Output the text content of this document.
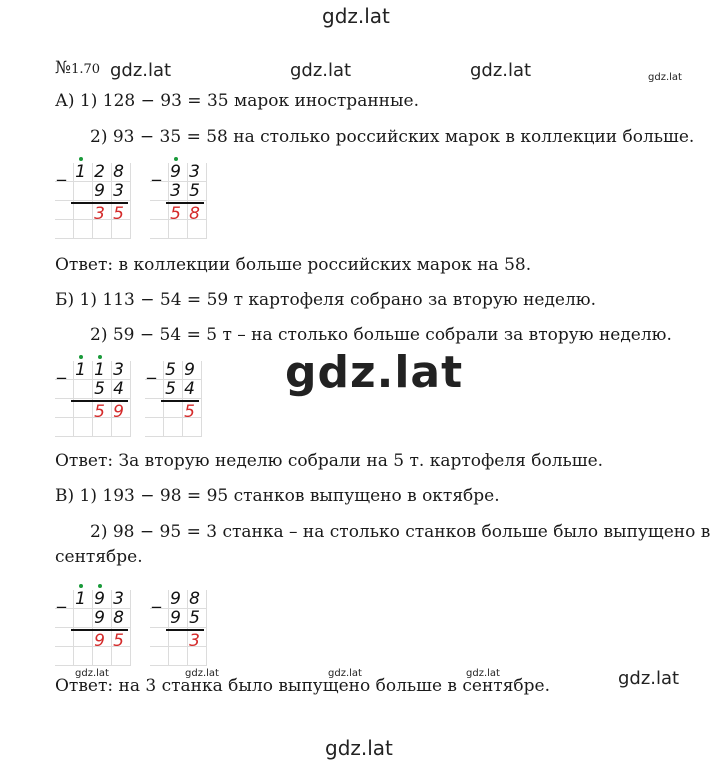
gdz.lat
gdz.lat	gdz.lat	gdz.lat	gdz.lat
gdz.lat
gdz.lat	gdz.lat	gdz.lat	gdz.lat	gdz.lat
gdz.lat
№1.70
А) 1) 128 − 93 = 35 марок иностранные.
2) 93 − 35 = 58 на столько российских марок в коллекции больше.
Ответ: в коллекции больше российских марок на 58.
Б) 1) 113 − 54 = 59 т картофеля собрано за вторую неделю.
2) 59 − 54 = 5 т – на столько больше собрали за вторую неделю.
Ответ: За вторую неделю собрали на 5 т. картофеля больше.
В) 1) 193 − 98 = 95 станков выпущено в октябре.
2) 98 − 95 = 3 станка – на столько станков больше было выпущено в
сентябре.
Ответ: на 3 станка было выпущено больше в сентябре.
_ 1 2 8
9 3
3 5
_ 9 3
3 5
5 8
_ 1 1 3
5 4
5 9
_ 5 9
5 4
5
_ 1 9 3
9 8
9 5
_ 9 8
9 5
3
